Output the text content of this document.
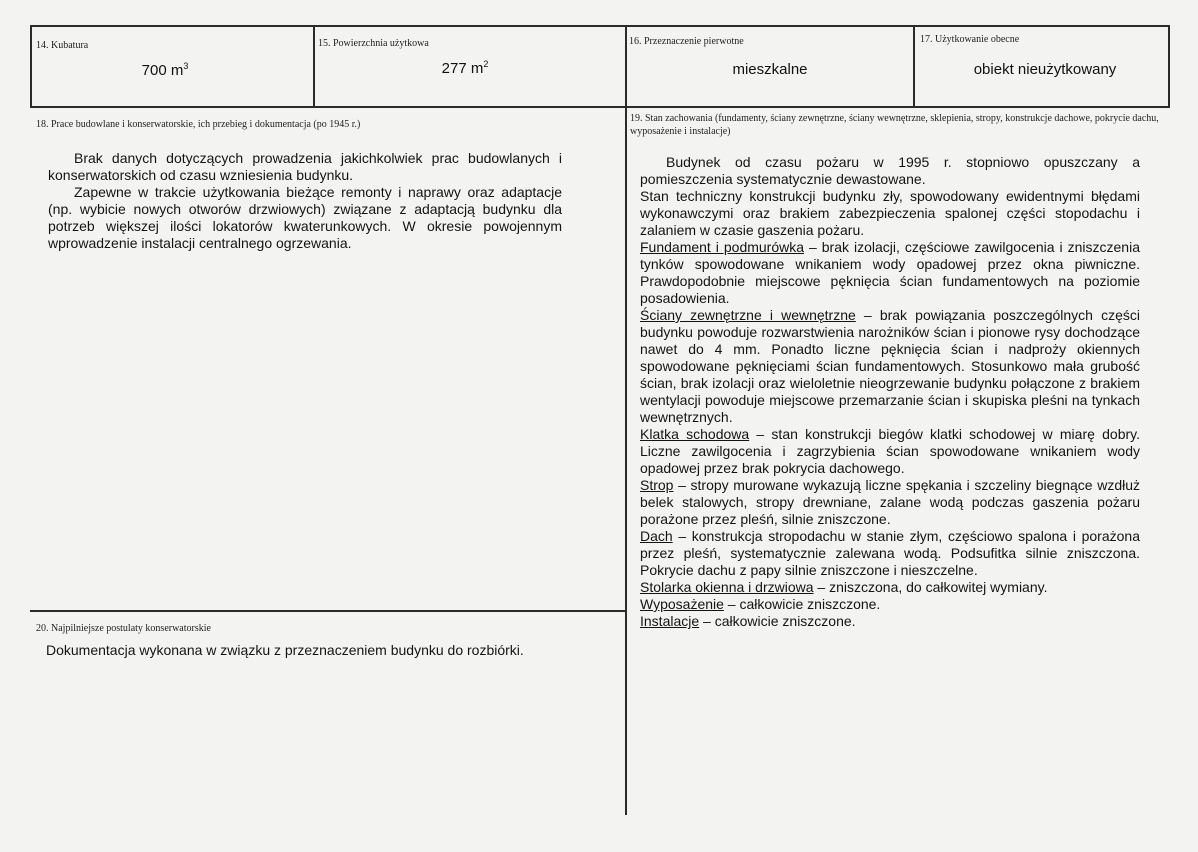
14. Kubatura
700 $m^3$
15. Powierzchnia użytkowa
277 $m^2$
16. Przeznaczenie pierwotne
mieszkalne
17. Użytkowanie obecne
obiekt nieużytkowany
18. Prace budowlane i konserwatorskie, ich przebieg i dokumentacja (po 1945 r.)

Brak danych dotyczących prowadzenia jakichkolwiek prac budowlanych i konserwatorskich od czasu wzniesienia budynku.

Zapewne w trakcie użytkowania bieżące remonty i naprawy oraz adaptacje (np. wybicie nowych otworów drzwiowych) związane z adaptacją budynku dla potrzeb większej ilości lokatorów kwaterunkowych. W okresie powojennym wprowadzenie instalacji centralnego ogrzewania.

19. Stan zachowania (fundamenty, ściany zewnętrzne, ściany wewnętrzne, sklepienia, stropy, konstrukcje dachowe, pokrycie dachu, wyposażenie i instalacje)

Budynek od czasu pożaru w 1995 r. stopniowo opuszczany a pomieszczenia systematycznie dewastowane.

Stan techniczny konstrukcji budynku zły, spowodowany ewidentnymi błędami wykonawczymi oraz brakiem zabezpieczenia spalonej części stopodachu i zalaniem w czasie gaszenia pożaru.

Fundament i podmurówka – brak izolacji, częściowe zawilgocenia i zniszczenia tynków spowodowane wnikaniem wody opadowej przez okna piwniczne. Prawdopodobnie miejscowe pęknięcia ścian fundamentowych na poziomie posadowienia.

Ściany zewnętrzne i wewnętrzne – brak powiązania poszczególnych części budynku powoduje rozwarstwienia narożników ścian i pionowe rysy dochodzące nawet do 4 mm. Ponadto liczne pęknięcia ścian i nadproży okiennych spowodowane pęknięciami ścian fundamentowych. Stosunkowo mała grubość ścian, brak izolacji oraz wieloletnie nieogrzewanie budynku połączone z brakiem wentylacji powoduje miejscowe przemarzanie ścian i skupiska pleśni na tynkach wewnętrznych.

Klatka schodowa – stan konstrukcji biegów klatki schodowej w miarę dobry. Liczne zawilgocenia i zagrzybienia ścian spowodowane wnikaniem wody opadowej przez brak pokrycia dachowego.

Strop – stropy murowane wykazują liczne spękania i szczeliny biegnące wzdłuż belek stalowych, stropy drewniane, zalane wodą podczas gaszenia pożaru porażone przez pleśń, silnie zniszczone.

Dach – konstrukcja stropodachu w stanie złym, częściowo spalona i porażona przez pleśń, systematycznie zalewana wodą. Podsufitka silnie zniszczona. Pokrycie dachu z papy silnie zniszczone i nieszczelne.

Stolarka okienna i drzwiowa – zniszczona, do całkowitej wymiany.

Wyposażenie – całkowicie zniszczone.

Instalacje – całkowicie zniszczone.

20. Najpilniejsze postulaty konserwatorskie
Dokumentacja wykonana w związku z przeznaczeniem budynku do rozbiórki.
